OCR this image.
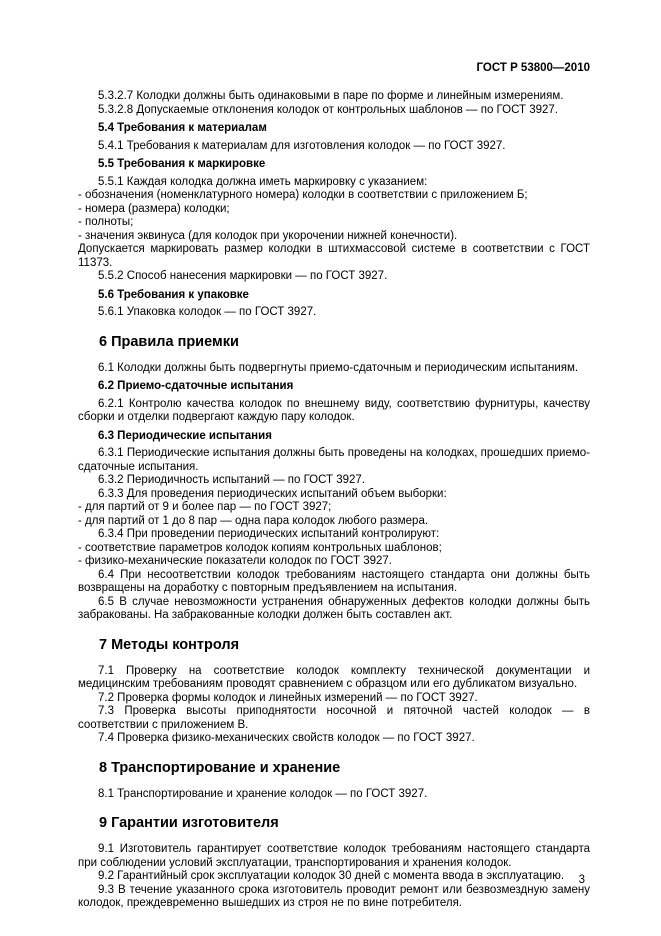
ГОСТ Р 53800—2010
5.3.2.7 Колодки должны быть одинаковыми в паре по форме и линейным измерениям.
5.3.2.8 Допускаемые отклонения колодок от контрольных шаблонов — по ГОСТ 3927.
5.4 Требования к материалам
5.4.1 Требования к материалам для изготовления колодок — по ГОСТ 3927.
5.5 Требования к маркировке
5.5.1 Каждая колодка должна иметь маркировку с указанием:
- обозначения (номенклатурного номера) колодки в соответствии с приложением Б;
- номера (размера) колодки;
- полноты;
- значения эквинуса (для колодок при укорочении нижней конечности).
Допускается маркировать размер колодки в штихмассовой системе в соответствии с ГОСТ 11373.
5.5.2 Способ нанесения маркировки — по ГОСТ 3927.
5.6 Требования к упаковке
5.6.1 Упаковка колодок — по ГОСТ 3927.
6 Правила приемки
6.1 Колодки должны быть подвергнуты приемо-сдаточным и периодическим испытаниям.
6.2 Приемо-сдаточные испытания
6.2.1 Контролю качества колодок по внешнему виду, соответствию фурнитуры, качеству сборки и отделки подвергают каждую пару колодок.
6.3 Периодические испытания
6.3.1 Периодические испытания должны быть проведены на колодках, прошедших приемо-сдаточные испытания.
6.3.2 Периодичность испытаний — по ГОСТ 3927.
6.3.3 Для проведения периодических испытаний объем выборки:
- для партий от 9 и более пар — по ГОСТ 3927;
- для партий от 1 до 8 пар — одна пара колодок любого размера.
6.3.4 При проведении периодических испытаний контролируют:
- соответствие параметров колодок копиям контрольных шаблонов;
- физико-механические показатели колодок по ГОСТ 3927.
6.4 При несоответствии колодок требованиям настоящего стандарта они должны быть возвращены на доработку с повторным предъявлением на испытания.
6.5 В случае невозможности устранения обнаруженных дефектов колодки должны быть забракованы. На забракованные колодки должен быть составлен акт.
7 Методы контроля
7.1 Проверку на соответствие колодок комплекту технической документации и медицинским требованиям проводят сравнением с образцом или его дубликатом визуально.
7.2 Проверка формы колодок и линейных измерений — по ГОСТ 3927.
7.3 Проверка высоты приподнятости носочной и пяточной частей колодок — в соответствии с приложением В.
7.4 Проверка физико-механических свойств колодок — по ГОСТ 3927.
8 Транспортирование и хранение
8.1 Транспортирование и хранение колодок — по ГОСТ 3927.
9 Гарантии изготовителя
9.1 Изготовитель гарантирует соответствие колодок требованиям настоящего стандарта при соблюдении условий эксплуатации, транспортирования и хранения колодок.
9.2 Гарантийный срок эксплуатации колодок 30 дней с момента ввода в эксплуатацию.
9.3 В течение указанного срока изготовитель проводит ремонт или безвозмездную замену колодок, преждевременно вышедших из строя не по вине потребителя.
3
